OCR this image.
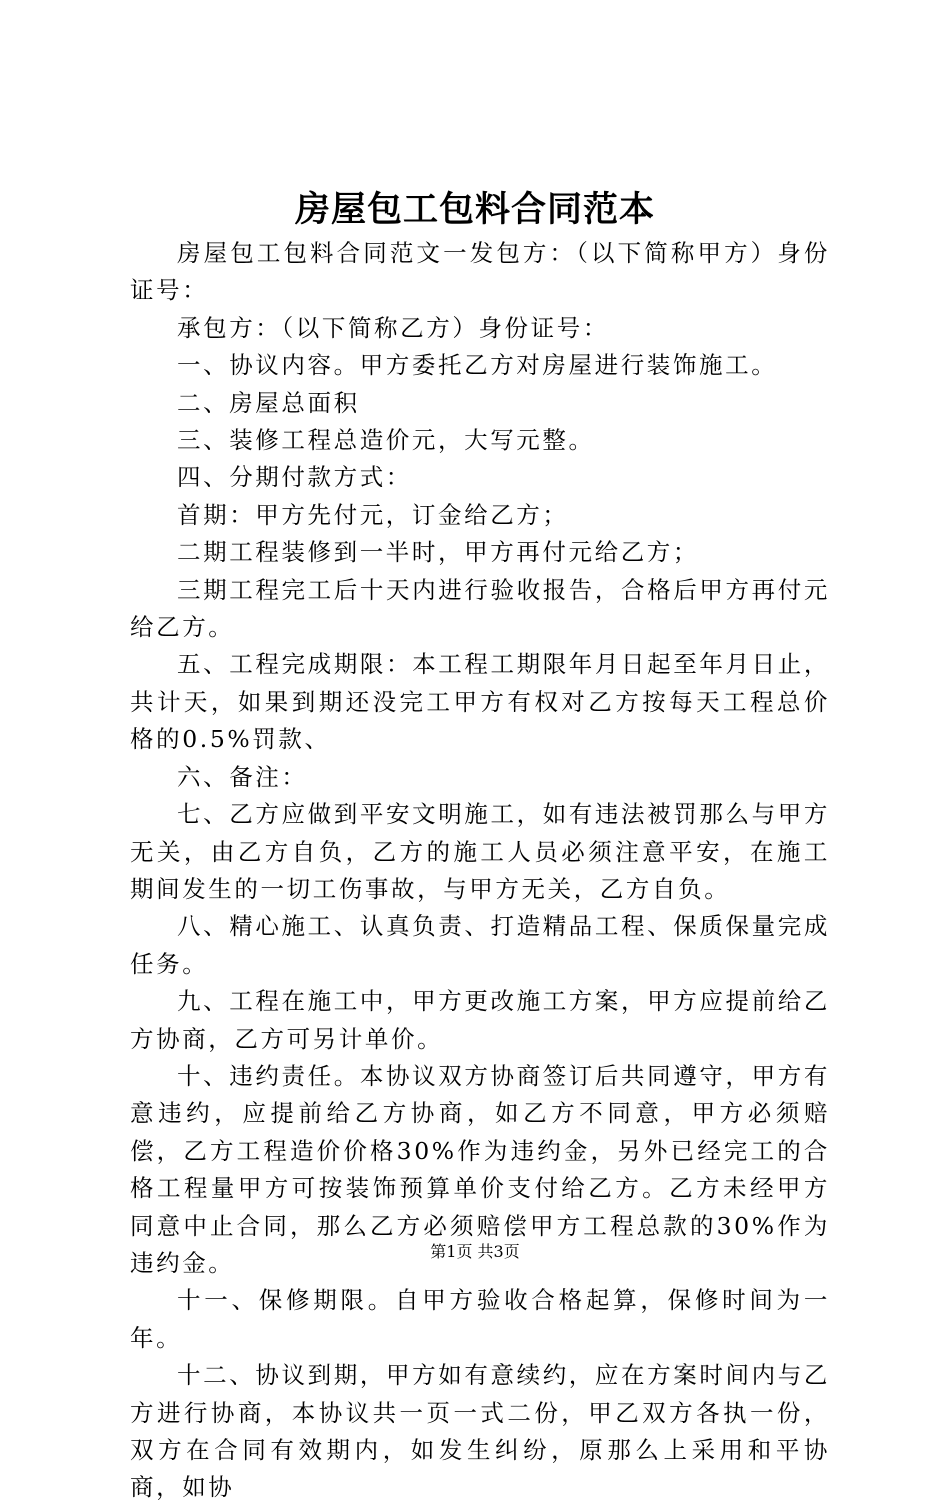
房屋包工包料合同范本

房屋包工包料合同范文一发包方：（以下简称甲方）身份证号：

承包方：（以下简称乙方）身份证号：

一、协议内容。甲方委托乙方对房屋进行装饰施工。

二、房屋总面积

三、装修工程总造价元，大写元整。

四、分期付款方式：

首期：甲方先付元，订金给乙方；

二期工程装修到一半时，甲方再付元给乙方；

三期工程完工后十天内进行验收报告，合格后甲方再付元给乙方。

五、工程完成期限：本工程工期限年月日起至年月日止，共计天，如果到期还没完工甲方有权对乙方按每天工程总价格的0.5%罚款、

六、备注：

七、乙方应做到平安文明施工，如有违法被罚那么与甲方无关，由乙方自负，乙方的施工人员必须注意平安，在施工期间发生的一切工伤事故，与甲方无关，乙方自负。

八、精心施工、认真负责、打造精品工程、保质保量完成任务。

九、工程在施工中，甲方更改施工方案，甲方应提前给乙方协商，乙方可另计单价。

十、违约责任。本协议双方协商签订后共同遵守，甲方有意违约，应提前给乙方协商，如乙方不同意，甲方必须赔偿，乙方工程造价价格30%作为违约金，另外已经完工的合格工程量甲方可按装饰预算单价支付给乙方。乙方未经甲方同意中止合同，那么乙方必须赔偿甲方工程总款的30%作为违约金。

十一、保修期限。自甲方验收合格起算，保修时间为一年。

十二、协议到期，甲方如有意续约，应在方案时间内与乙方进行协商，本协议共一页一式二份，甲乙双方各执一份，双方在合同有效期内，如发生纠纷，原那么上采用和平协商，如协

第1页 共3页
